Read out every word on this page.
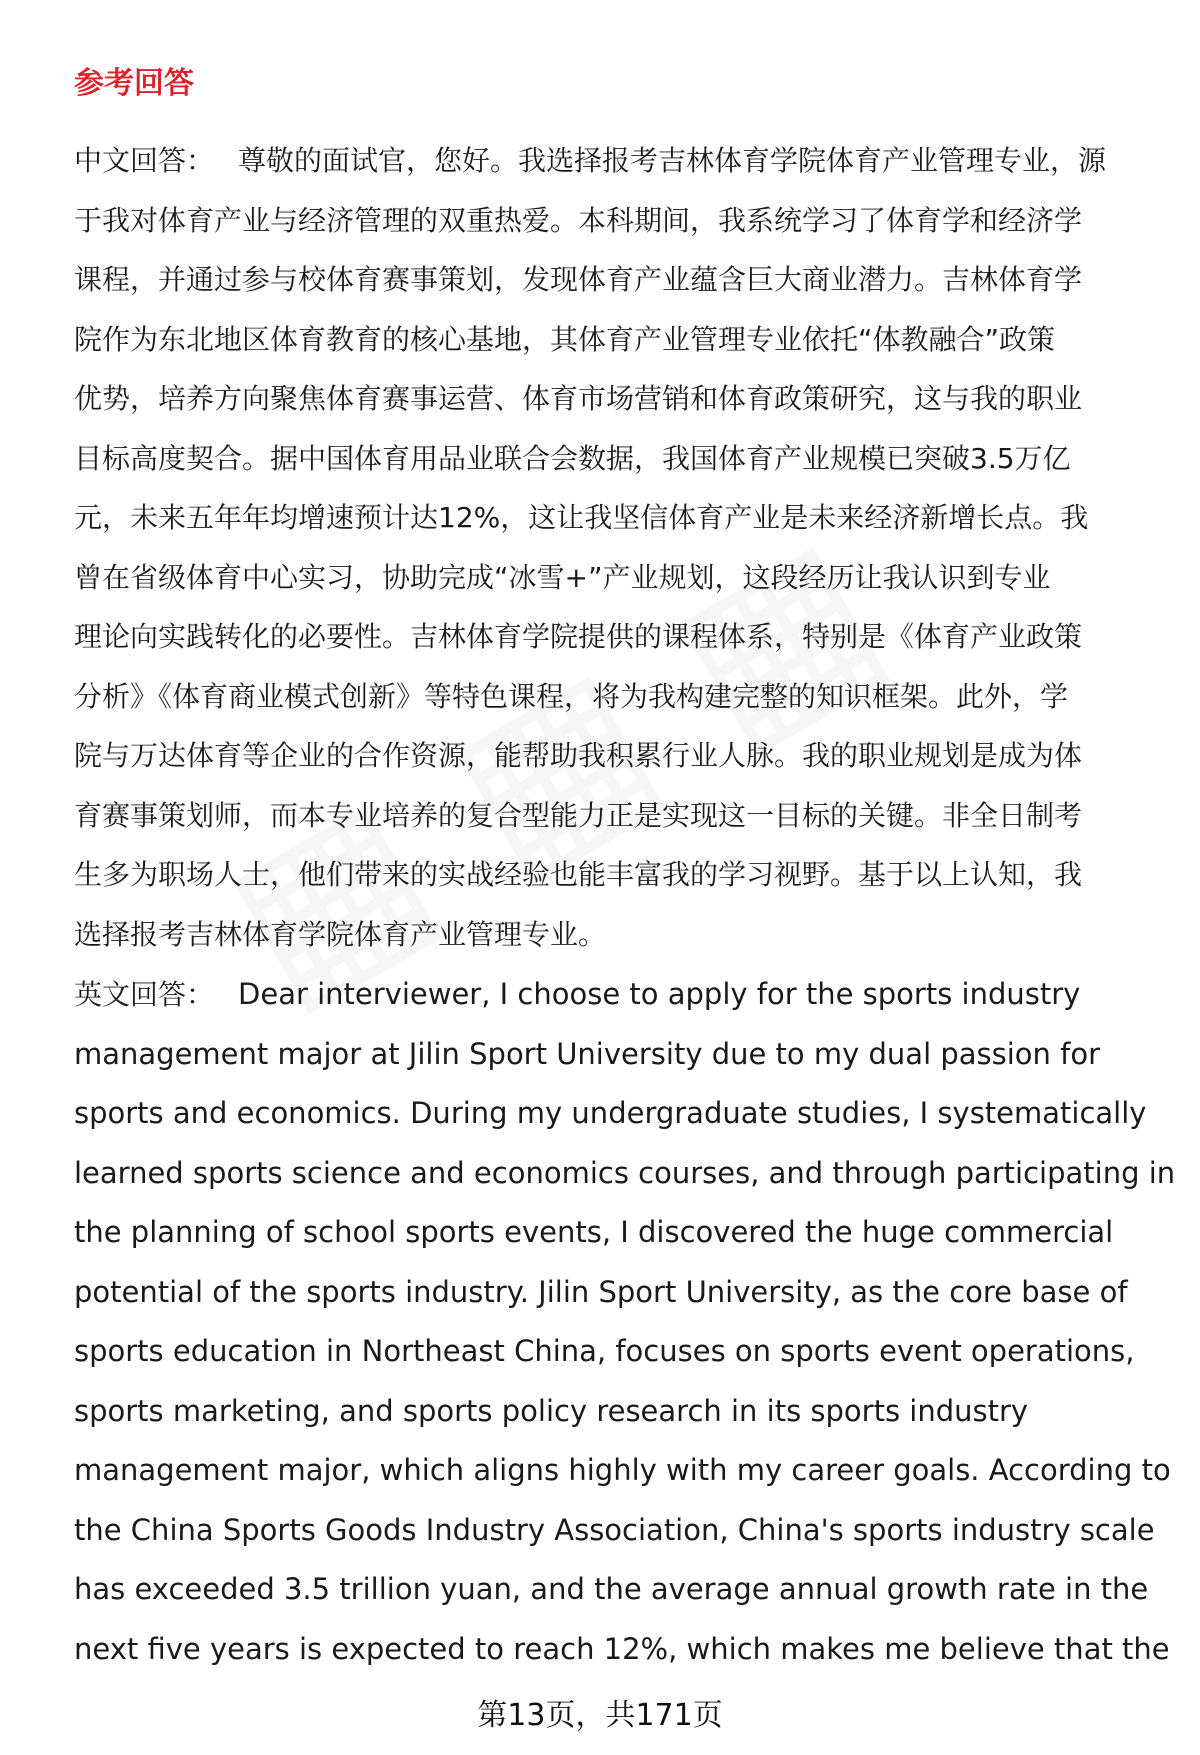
参考回答
中文回答： 尊敬的面试官，您好。我选择报考吉林体育学院体育产业管理专业，源
于我对体育产业与经济管理的双重热爱。本科期间，我系统学习了体育学和经济学
课程，并通过参与校体育赛事策划，发现体育产业蕴含巨大商业潜力。吉林体育学
院作为东北地区体育教育的核心基地，其体育产业管理专业依托“体教融合”政策
优势，培养方向聚焦体育赛事运营、体育市场营销和体育政策研究，这与我的职业
目标高度契合。据中国体育用品业联合会数据，我国体育产业规模已突破3.5万亿
元，未来五年年均增速预计达12%，这让我坚信体育产业是未来经济新增长点。我
曾在省级体育中心实习，协助完成“冰雪+”产业规划，这段经历让我认识到专业
理论向实践转化的必要性。吉林体育学院提供的课程体系，特别是《体育产业政策
分析》《体育商业模式创新》等特色课程，将为我构建完整的知识框架。此外，学
院与万达体育等企业的合作资源，能帮助我积累行业人脉。我的职业规划是成为体
育赛事策划师，而本专业培养的复合型能力正是实现这一目标的关键。非全日制考
生多为职场人士，他们带来的实战经验也能丰富我的学习视野。基于以上认知，我
选择报考吉林体育学院体育产业管理专业。
英文回答： Dear interviewer, I choose to apply for the sports industry
management major at Jilin Sport University due to my dual passion for
sports and economics. During my undergraduate studies, I systematically
learned sports science and economics courses, and through participating in
the planning of school sports events, I discovered the huge commercial
potential of the sports industry. Jilin Sport University, as the core base of
sports education in Northeast China, focuses on sports event operations,
sports marketing, and sports policy research in its sports industry
management major, which aligns highly with my career goals. According to
the China Sports Goods Industry Association, China's sports industry scale
has exceeded 3.5 trillion yuan, and the average annual growth rate in the
next five years is expected to reach 12%, which makes me believe that the
第13页，共171页
